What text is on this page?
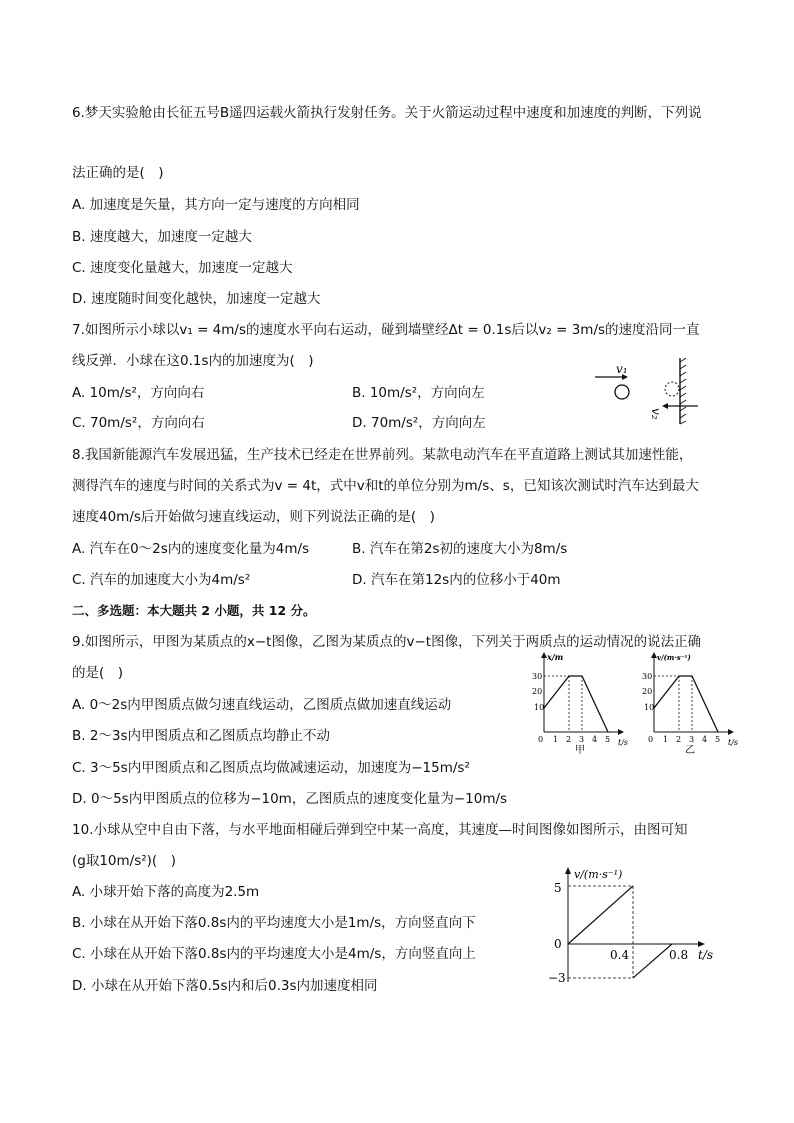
6.梦天实验舱由长征五号B遥四运载火箭执行发射任务。关于火箭运动过程中速度和加速度的判断，下列说
法正确的是(　)
A. 加速度是矢量，其方向一定与速度的方向相同
B. 速度越大，加速度一定越大
C. 速度变化量越大，加速度一定越大
D. 速度随时间变化越快，加速度一定越大
7.如图所示小球以v₁ = 4m/s的速度水平向右运动，碰到墙壁经Δt = 0.1s后以v₂ = 3m/s的速度沿同一直
线反弹．小球在这0.1s内的加速度为(　)
A. 10m/s²，方向向右	B. 10m/s²，方向向左
C. 70m/s²，方向向右	D. 70m/s²，方向向左
v₁
v₂
8.我国新能源汽车发展迅猛，生产技术已经走在世界前列。某款电动汽车在平直道路上测试其加速性能，
测得汽车的速度与时间的关系式为v = 4t，式中v和t的单位分别为m/s、s，已知该次测试时汽车达到最大
速度40m/s后开始做匀速直线运动，则下列说法正确的是(　)
A. 汽车在0～2s内的速度变化量为4m/s	B. 汽车在第2s初的速度大小为8m/s
C. 汽车的加速度大小为4m/s²	D. 汽车在第12s内的位移小于40m
二、多选题：本大题共 2 小题，共 12 分。
9.如图所示，甲图为某质点的x−t图像，乙图为某质点的v−t图像，下列关于两质点的运动情况的说法正确
的是(　)
A. 0～2s内甲图质点做匀速直线运动，乙图质点做加速直线运动
B. 2～3s内甲图质点和乙图质点均静止不动
C. 3～5s内甲图质点和乙图质点均做减速运动，加速度为−15m/s²
D. 0～5s内甲图质点的位移为−10m，乙图质点的速度变化量为−10m/s
x/m
t/s
10
20
30
0 1 2 3 4 5
甲
v/(m·s⁻¹)
t/s
10
20
30
0 1 2 3 4 5
乙
10.小球从空中自由下落，与水平地面相碰后弹到空中某一高度，其速度—时间图像如图所示，由图可知
(g取10m/s²)(　)
A. 小球开始下落的高度为2.5m
B. 小球在从开始下落0.8s内的平均速度大小是1m/s，方向竖直向下
C. 小球在从开始下落0.8s内的平均速度大小是4m/s，方向竖直向上
D. 小球在从开始下落0.5s内和后0.3s内加速度相同
v/(m·s⁻¹)
t/s
5
0
−3
0.4	0.8
